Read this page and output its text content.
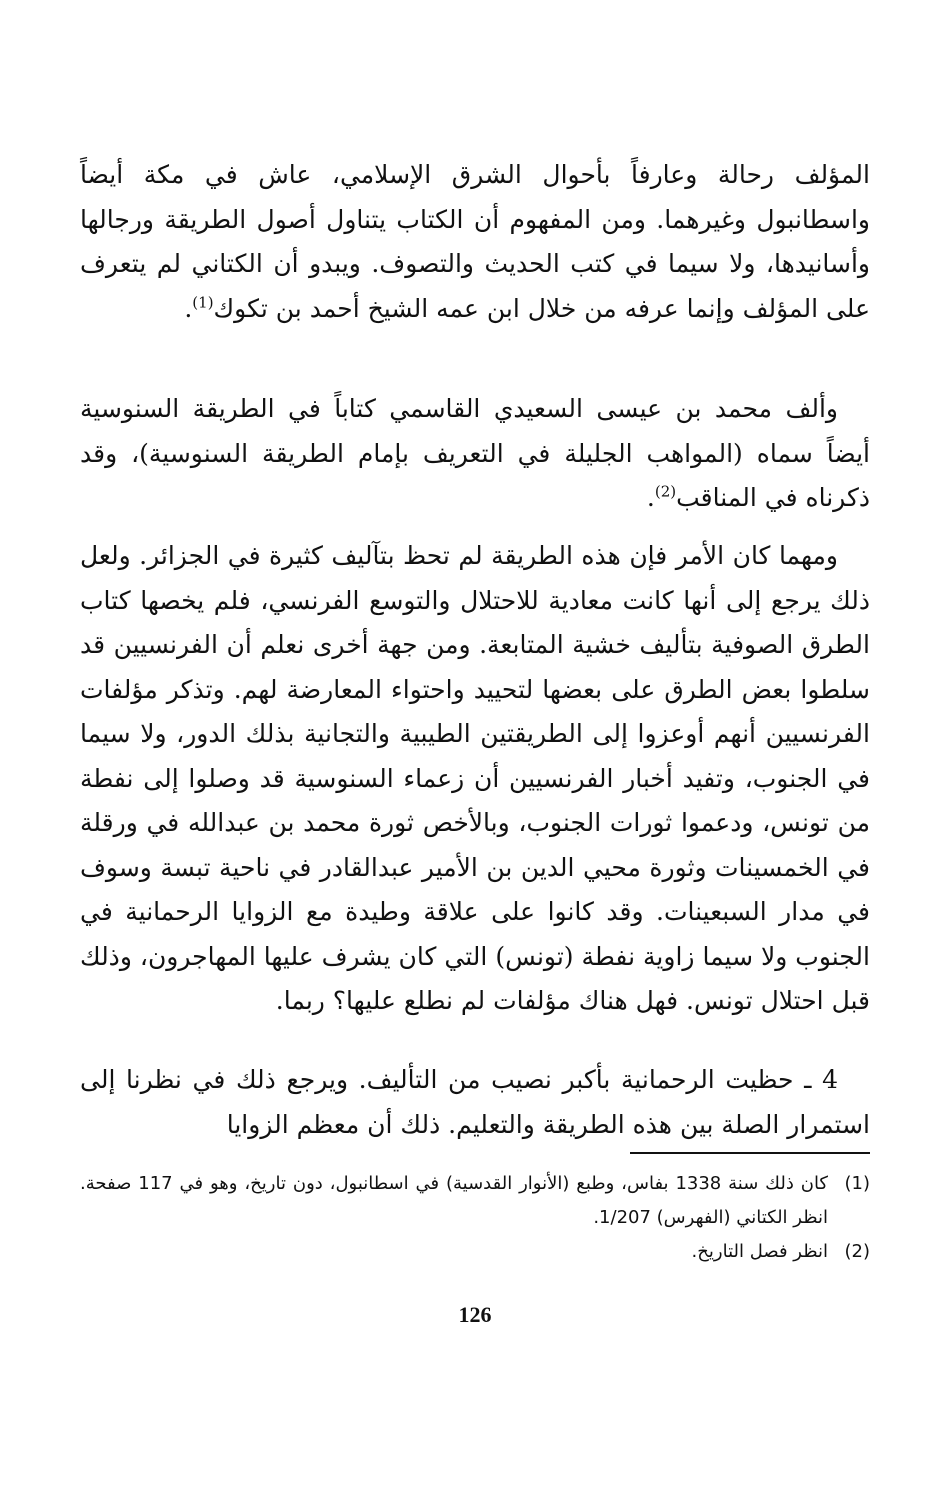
المؤلف رحالة وعارفاً بأحوال الشرق الإسلامي، عاش في مكة أيضاً واسطانبول وغيرهما. ومن المفهوم أن الكتاب يتناول أصول الطريقة ورجالها وأسانيدها، ولا سيما في كتب الحديث والتصوف. ويبدو أن الكتاني لم يتعرف على المؤلف وإنما عرفه من خلال ابن عمه الشيخ أحمد بن تكوك$^{(1)}$.

وألف محمد بن عيسى السعيدي القاسمي كتاباً في الطريقة السنوسية أيضاً سماه (المواهب الجليلة في التعريف بإمام الطريقة السنوسية)، وقد ذكرناه في المناقب$^{(2)}$.

ومهما كان الأمر فإن هذه الطريقة لم تحظ بتآليف كثيرة في الجزائر. ولعل ذلك يرجع إلى أنها كانت معادية للاحتلال والتوسع الفرنسي، فلم يخصها كتاب الطرق الصوفية بتأليف خشية المتابعة. ومن جهة أخرى نعلم أن الفرنسيين قد سلطوا بعض الطرق على بعضها لتحييد واحتواء المعارضة لهم. وتذكر مؤلفات الفرنسيين أنهم أوعزوا إلى الطريقتين الطيبية والتجانية بذلك الدور، ولا سيما في الجنوب، وتفيد أخبار الفرنسيين أن زعماء السنوسية قد وصلوا إلى نفطة من تونس، ودعموا ثورات الجنوب، وبالأخص ثورة محمد بن عبدالله في ورقلة في الخمسينات وثورة محيي الدين بن الأمير عبدالقادر في ناحية تبسة وسوف في مدار السبعينات. وقد كانوا على علاقة وطيدة مع الزوايا الرحمانية في الجنوب ولا سيما زاوية نفطة (تونس) التي كان يشرف عليها المهاجرون، وذلك قبل احتلال تونس. فهل هناك مؤلفات لم نطلع عليها؟ ربما.

4 ـ حظيت الرحمانية بأكبر نصيب من التأليف. ويرجع ذلك في نظرنا إلى استمرار الصلة بين هذه الطريقة والتعليم. ذلك أن معظم الزوايا

(1)
كان ذلك سنة 1338 بفاس، وطبع (الأنوار القدسية) في اسطانبول، دون تاريخ، وهو في 117 صفحة. انظر الكتاني (الفهرس) 1/207.

(2)
انظر فصل التاريخ.

126
